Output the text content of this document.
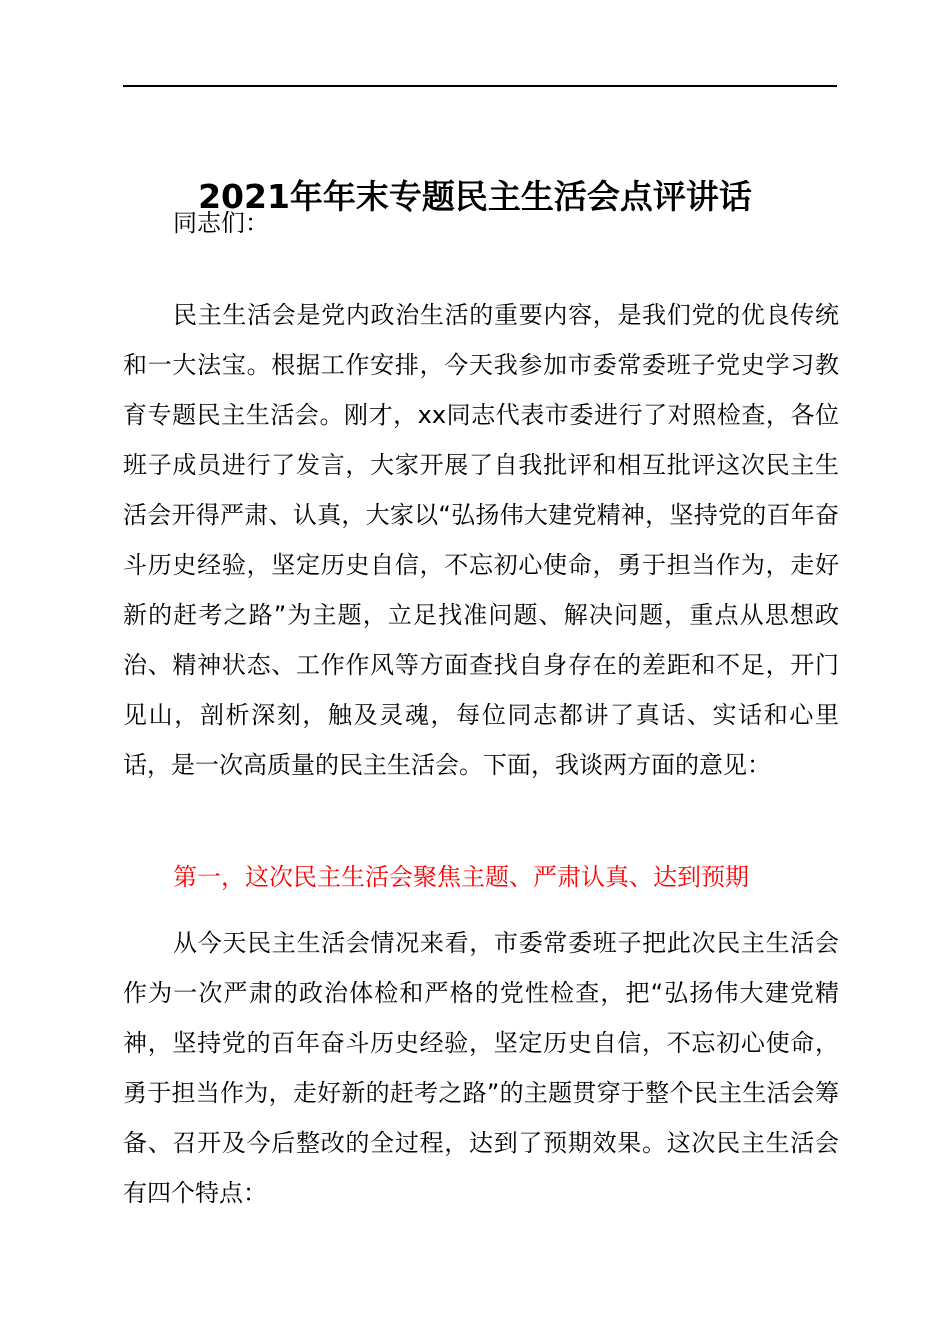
2021年年末专题民主生活会点评讲话

同志们：

民主生活会是党内政治生活的重要内容，是我们党的优良传统和一大法宝。根据工作安排，今天我参加市委常委班子党史学习教育专题民主生活会。刚才，xx同志代表市委进行了对照检查，各位班子成员进行了发言，大家开展了自我批评和相互批评这次民主生活会开得严肃、认真，大家以“弘扬伟大建党精神，坚持党的百年奋斗历史经验，坚定历史自信，不忘初心使命，勇于担当作为，走好新的赶考之路”为主题，立足找准问题、解决问题，重点从思想政治、精神状态、工作作风等方面查找自身存在的差距和不足，开门见山，剖析深刻，触及灵魂，每位同志都讲了真话、实话和心里话，是一次高质量的民主生活会。下面，我谈两方面的意见：

第一，这次民主生活会聚焦主题、严肃认真、达到预期

从今天民主生活会情况来看，市委常委班子把此次民主生活会作为一次严肃的政治体检和严格的党性检查，把“弘扬伟大建党精神，坚持党的百年奋斗历史经验，坚定历史自信，不忘初心使命，勇于担当作为，走好新的赶考之路”的主题贯穿于整个民主生活会筹备、召开及今后整改的全过程，达到了预期效果。这次民主生活会有四个特点：
